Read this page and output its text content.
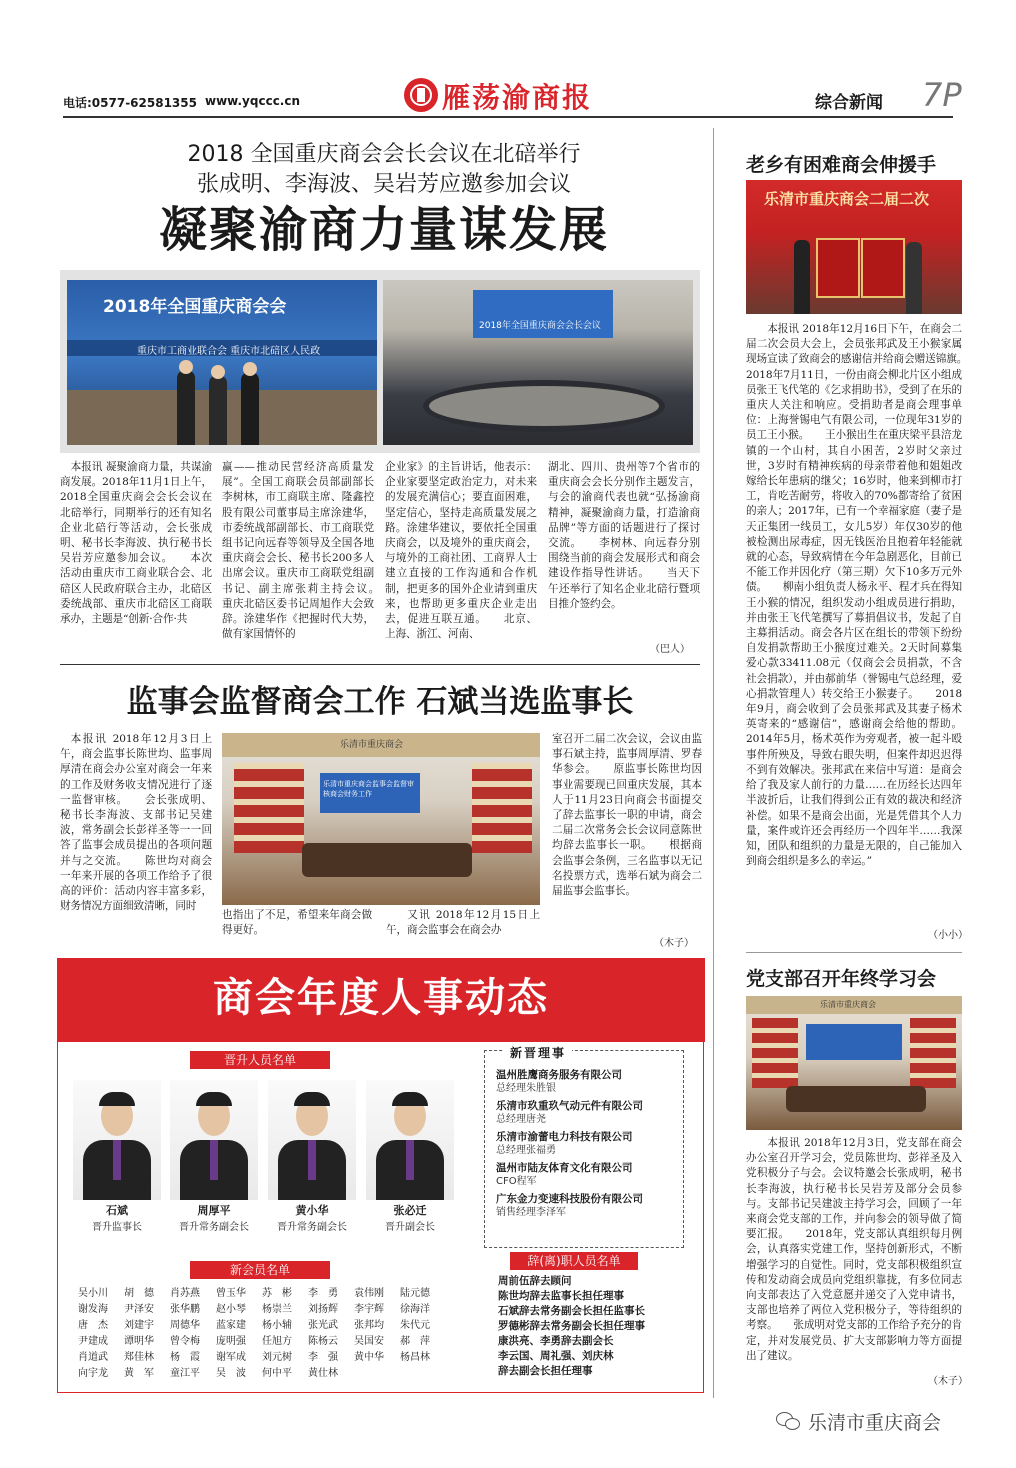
电话:0577-62581355 www.yqccc.cn	雁荡渝商报	综合新闻 7P
2018 全国重庆商会会长会议在北碚举行
张成明、李海波、吴岩芳应邀参加会议
凝聚渝商力量谋发展
2018年全国重庆商会会
重庆市工商业联合会 重庆市北碚区人民政
2018年全国重庆商会会长会议

本报讯 凝聚渝商力量，共谋渝商发展。2018年11月1日上午，2018全国重庆商会会长会议在北碚举行，同期举行的还有知名企业北碚行等活动，会长张成明、秘书长李海波、执行秘书长吴岩芳应邀参加会议。　　本次活动由重庆市工商业联合会、北碚区人民政府联合主办，北碚区委统战部、重庆市北碚区工商联承办，主题是“创新·合作·共

赢——推动民营经济高质量发展”。全国工商联会员部副部长李树林，市工商联主席、隆鑫控股有限公司董事局主席涂建华，市委统战部副部长、市工商联党组书记向远春等领导及全国各地重庆商会会长、秘书长200多人出席会议。重庆市工商联党组副书记、副主席张莉主持会议。　　重庆北碚区委书记周旭作大会致辞。涂建华作《把握时代大势，做有家国情怀的

企业家》的主旨讲话，他表示：企业家要坚定政治定力，对未来的发展充满信心；要直面困难，坚定信心，坚持走高质量发展之路。涂建华建议，要依托全国重庆商会，以及境外的重庆商会，与境外的工商社团、工商界人士建立直接的工作沟通和合作机制，把更多的国外企业请到重庆来，也帮助更多重庆企业走出去，促进互联互通。　　北京、上海、浙江、河南、

湖北、四川、贵州等7个省市的重庆商会会长分别作主题发言，与会的渝商代表也就“弘扬渝商精神，凝聚渝商力量，打造渝商品牌”等方面的话题进行了探讨交流。　　李树林、向远春分别围绕当前的商会发展形式和商会建设作指导性讲话。　　当天下午还举行了知名企业北碚行暨项目推介签约会。

（巴人）
监事会监督商会工作 石斌当选监事长

本报讯 2018年12月3日上午，商会监事长陈世均、监事周厚清在商会办公室对商会一年来的工作及财务收支情况进行了逐一监督审核。　　会长张成明、秘书长李海波、支部书记吴建波，常务副会长彭祥圣等一一回答了监事会成员提出的各项问题并与之交流。　　陈世均对商会一年来开展的各项工作给予了很高的评价：活动内容丰富多彩，财务情况方面细致清晰，同时

乐清市重庆商会
乐清市重庆商会监事会监督审核商会财务工作

也指出了不足，希望来年商会做得更好。

又讯 2018年12月15日上午，商会监事会在商会办

室召开二届二次会议，会议由监事石斌主持，监事周厚清、罗春华参会。　　原监事长陈世均因事业需要现已回重庆发展，其本人于11月23日向商会书面提交了辞去监事长一职的申请，商会二届二次常务会长会议同意陈世均辞去监事长一职。　　根据商会监事会条例，三名监事以无记名投票方式，选举石斌为商会二届监事会监事长。

（木子）
商会年度人事动态
晋升人员名单
石斌
晋升监事长
周厚平
晋升常务副会长
黄小华
晋升常务副会长
张必迁
晋升副会长
新会员名单
吴小川	胡　德	肖苏燕	曾玉华	苏　彬	李　勇	袁伟刚	陆元德
谢发海	尹泽安	张华鹏	赵小琴	杨崇兰	刘扬辉	李宇辉	徐海洋
唐　杰	刘建宇	周德华	蓝家建	杨小辅	张光武	张邦均	朱代元
尹建成	谭明华	曾令梅	庞明强	任旭方	陈杨云	吴国安	郝　萍
肖道武	郑佳林	杨　霞	谢军成	刘元树	李　强	黄中华	杨昌林
向宇龙	黄　军	童江平	吴　波	何中平	黄仕林
新晋理事
温州胜鹰商务服务有限公司
总经理朱胜银
乐清市玖重玖气动元件有限公司
总经理唐尧
乐清市渝蕾电力科技有限公司
总经理张福勇
温州市陆友体育文化有限公司
CFO程军
广东金力变速科技股份有限公司
销售经理李泽军
辞(离)职人员名单
周前伍辞去顾问
陈世均辞去监事长担任理事
石斌辞去常务副会长担任监事长
罗德彬辞去常务副会长担任理事
康洪亮、李勇辞去副会长
李云国、周礼强、刘庆林
辞去副会长担任理事
老乡有困难商会伸援手
乐清市重庆商会二届二次

本报讯 2018年12月16日下午，在商会二届二次会员大会上，会员张邦武及王小猴家属现场宣读了致商会的感谢信并给商会赠送锦旗。　　2018年7月11日，一份由商会柳北片区小组成员张王飞代笔的《乞求捐助书》，受到了在乐的重庆人关注和响应。受捐助者是商会理事单位：上海誉锡电气有限公司，一位现年31岁的员工王小猴。　　王小猴出生在重庆梁平县涪龙镇的一个山村，其自小困苦，2岁时父亲过世，3岁时有精神疾病的母亲带着他和姐姐改嫁给长年患病的继父；16岁时，他来到柳市打工，肯吃苦耐劳，将收入的70%都寄给了贫困的亲人；2017年，已有一个幸福家庭（妻子是天正集团一线员工，女儿5岁）年仅30岁的他被检测出尿毒症，因无钱医治且抱着年轻能就就的心态，导致病情在今年急剧恶化，目前已不能工作并因化疗（第三期）欠下10多万元外债。　　柳南小组负责人杨永平、程才兵在得知王小猴的情况，组织发动小组成员进行捐助，并由张王飞代笔撰写了募捐倡议书，发起了自主募捐活动。商会各片区在组长的带领下纷纷自发捐款帮助王小猴度过难关。2天时间募集爱心款33411.08元（仅商会会员捐款，不含社会捐款），并由郝前华（誉锡电气总经理，爱心捐款管理人）转交给王小猴妻子。　　2018年9月，商会收到了会员张邦武及其妻子杨术英寄来的“感谢信”，感谢商会给他的帮助。2014年5月，杨术英作为旁观者，被一起斗殴事件所殃及，导致右眼失明，但案件却迟迟得不到有效解决。张邦武在来信中写道：是商会给了我及家人前行的力量……在历经长达四年半波折后，让我们得到公正有效的裁决和经济补偿。如果不是商会出面，光是凭借其个人力量，案件或许还会再经历一个四年半……我深知，团队和组织的力量是无限的，自己能加入到商会组织是多么的幸运。”

（小小）
党支部召开年终学习会
乐清市重庆商会
乐清市重庆商会

本报讯 2018年12月3日，党支部在商会办公室召开学习会，党员陈世均、彭祥圣及入党积极分子与会。会议特邀会长张成明，秘书长李海波，执行秘书长吴岩芳及部分会员参与。支部书记吴建波主持学习会，回顾了一年来商会党支部的工作，并向参会的领导做了简要汇报。　　2018年，党支部认真组织每月例会，认真落实党建工作，坚持创新形式，不断增强学习的自觉性。同时，党支部积极组织宣传和发动商会成员向党组织靠拢，有多位同志向支部表达了入党意愿并递交了入党申请书，支部也培养了两位入党积极分子，等待组织的考察。　　张成明对党支部的工作给予充分的肯定，并对发展党员、扩大支部影响力等方面提出了建议。

（木子）
